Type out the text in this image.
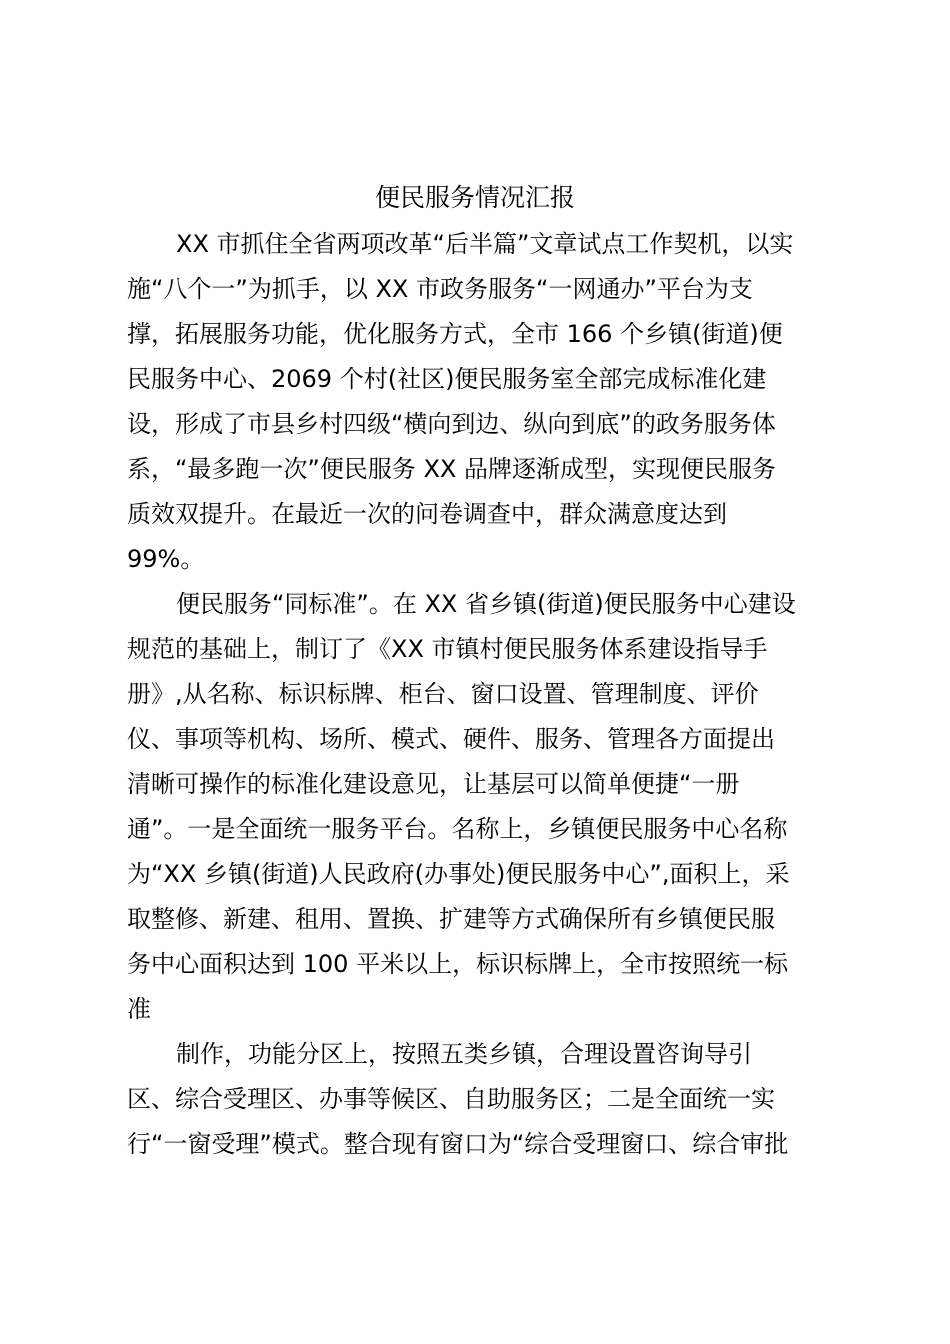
便民服务情况汇报
XX 市抓住全省两项改革“后半篇”文章试点工作契机，以实
施“八个一”为抓手，以 XX 市政务服务“一网通办”平台为支
撑，拓展服务功能，优化服务方式，全市 166 个乡镇(街道)便
民服务中心、2069 个村(社区)便民服务室全部完成标准化建
设，形成了市县乡村四级“横向到边、纵向到底”的政务服务体
系，“最多跑一次”便民服务 XX 品牌逐渐成型，实现便民服务
质效双提升。在最近一次的问卷调查中，群众满意度达到
99%。
便民服务“同标准”。在 XX 省乡镇(街道)便民服务中心建设
规范的基础上，制订了《XX 市镇村便民服务体系建设指导手
册》,从名称、标识标牌、柜台、窗口设置、管理制度、评价
仪、事项等机构、场所、模式、硬件、服务、管理各方面提出
清晰可操作的标准化建设意见，让基层可以简单便捷“一册
通”。一是全面统一服务平台。名称上，乡镇便民服务中心名称
为“XX 乡镇(街道)人民政府(办事处)便民服务中心”,面积上，采
取整修、新建、租用、置换、扩建等方式确保所有乡镇便民服
务中心面积达到 100 平米以上，标识标牌上，全市按照统一标
准
制作，功能分区上，按照五类乡镇，合理设置咨询导引
区、综合受理区、办事等候区、自助服务区；二是全面统一实
行“一窗受理”模式。整合现有窗口为“综合受理窗口、综合审批
